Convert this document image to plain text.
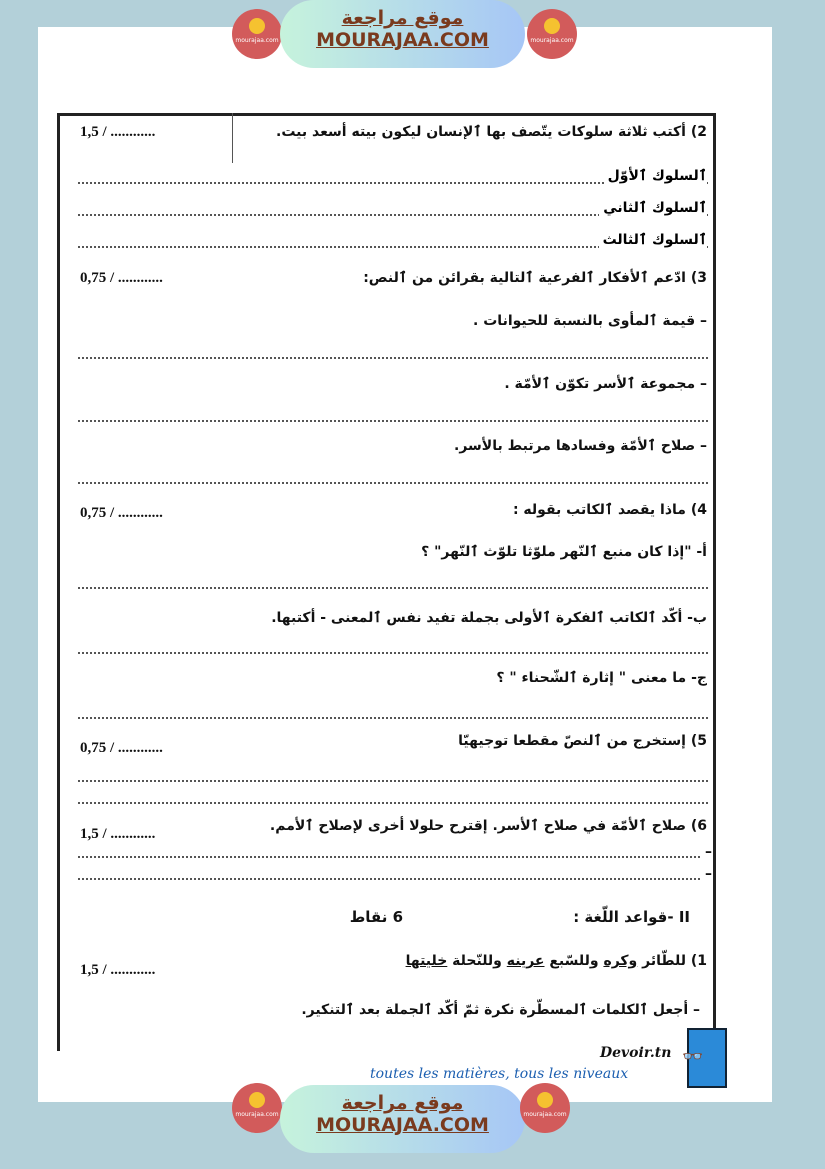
mourajaa.com
موقع مراجعة
MOURAJAA.COM	mourajaa.com
2) أكتب ثلاثة سلوكات يتّصف بها ٱلإنسان ليكون بيته أسعد بيت.
1,5 / ............
ٱلسلوك ٱلأوّل
ٱلسلوك ٱلثاني
ٱلسلوك ٱلثالث
3) ادّعم ٱلأفكار ٱلفرعية ٱلتالية بقرائن من ٱلنص:
0,75 / ............
– قيمة ٱلمأوى بالنسبة للحيوانات .
– مجموعة ٱلأسر تكوّن ٱلأمّة .
– صلاح ٱلأمّة وفسادها مرتبط بالأسر.
4) ماذا يقصد ٱلكاتب بقوله :
0,75 / ............
أ- "إذا كان منبع ٱلنّهر ملوّثا تلوّث ٱلنّهر" ؟
ب- أكّد ٱلكاتب ٱلفكرة ٱلأولى بجملة تفيد نفس ٱلمعنى - أكتبها.
ج- ما معنى " إثارة ٱلشّحناء " ؟
5) إستخرج من ٱلنصّ مقطعا توجيهيّا
0,75 / ............
6) صلاح ٱلأمّة في صلاح ٱلأسر. إقترح حلولا أخرى لإصلاح ٱلأمم.
1,5 / ............
–
–
II -قواعد اللّغة :
6 نقاط
1) للطّائر وكره وللسّبع عرينه وللنّحلة خليتها
1,5 / ............
– أجعل ٱلكلمات ٱلمسطّرة نكرة ثمّ أكّد ٱلجملة بعد ٱلتنكير.
👓
Devoir.tn
toutes les matières, tous les niveaux
mourajaa.com
موقع مراجعة
MOURAJAA.COM	mourajaa.com
